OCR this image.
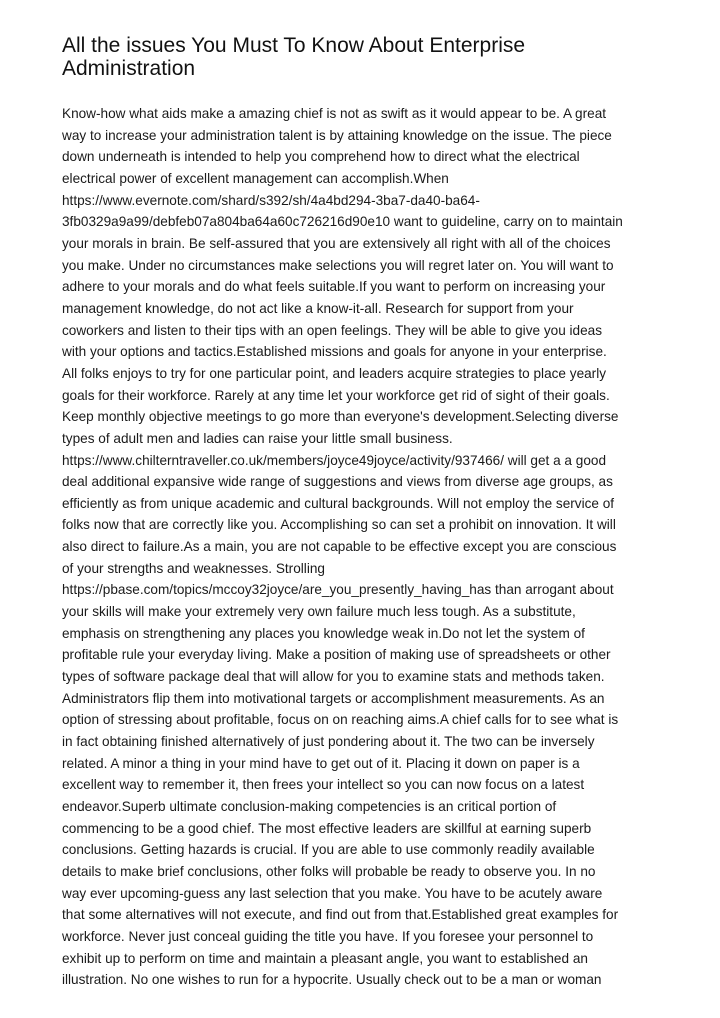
All the issues You Must To Know About Enterprise
Administration
Know-how what aids make a amazing chief is not as swift as it would appear to be. A great
way to increase your administration talent is by attaining knowledge on the issue. The piece
down underneath is intended to help you comprehend how to direct what the electrical
electrical power of excellent management can accomplish.When
https://www.evernote.com/shard/s392/sh/4a4bd294-3ba7-da40-ba64-
3fb0329a9a99/debfeb07a804ba64a60c726216d90e10 want to guideline, carry on to maintain
your morals in brain. Be self-assured that you are extensively all right with all of the choices
you make. Under no circumstances make selections you will regret later on. You will want to
adhere to your morals and do what feels suitable.If you want to perform on increasing your
management knowledge, do not act like a know-it-all. Research for support from your
coworkers and listen to their tips with an open feelings. They will be able to give you ideas
with your options and tactics.Established missions and goals for anyone in your enterprise.
All folks enjoys to try for one particular point, and leaders acquire strategies to place yearly
goals for their workforce. Rarely at any time let your workforce get rid of sight of their goals.
Keep monthly objective meetings to go more than everyone's development.Selecting diverse
types of adult men and ladies can raise your little small business.
https://www.chilterntraveller.co.uk/members/joyce49joyce/activity/937466/ will get a a good
deal additional expansive wide range of suggestions and views from diverse age groups, as
efficiently as from unique academic and cultural backgrounds. Will not employ the service of
folks now that are correctly like you. Accomplishing so can set a prohibit on innovation. It will
also direct to failure.As a main, you are not capable to be effective except you are conscious
of your strengths and weaknesses. Strolling
https://pbase.com/topics/mccoy32joyce/are_you_presently_having_has than arrogant about
your skills will make your extremely very own failure much less tough. As a substitute,
emphasis on strengthening any places you knowledge weak in.Do not let the system of
profitable rule your everyday living. Make a position of making use of spreadsheets or other
types of software package deal that will allow for you to examine stats and methods taken.
Administrators flip them into motivational targets or accomplishment measurements. As an
option of stressing about profitable, focus on on reaching aims.A chief calls for to see what is
in fact obtaining finished alternatively of just pondering about it. The two can be inversely
related. A minor a thing in your mind have to get out of it. Placing it down on paper is a
excellent way to remember it, then frees your intellect so you can now focus on a latest
endeavor.Superb ultimate conclusion-making competencies is an critical portion of
commencing to be a good chief. The most effective leaders are skillful at earning superb
conclusions. Getting hazards is crucial. If you are able to use commonly readily available
details to make brief conclusions, other folks will probable be ready to observe you. In no
way ever upcoming-guess any last selection that you make. You have to be acutely aware
that some alternatives will not execute, and find out from that.Established great examples for
workforce. Never just conceal guiding the title you have. If you foresee your personnel to
exhibit up to perform on time and maintain a pleasant angle, you want to established an
illustration. No one wishes to run for a hypocrite. Usually check out to be a man or woman
